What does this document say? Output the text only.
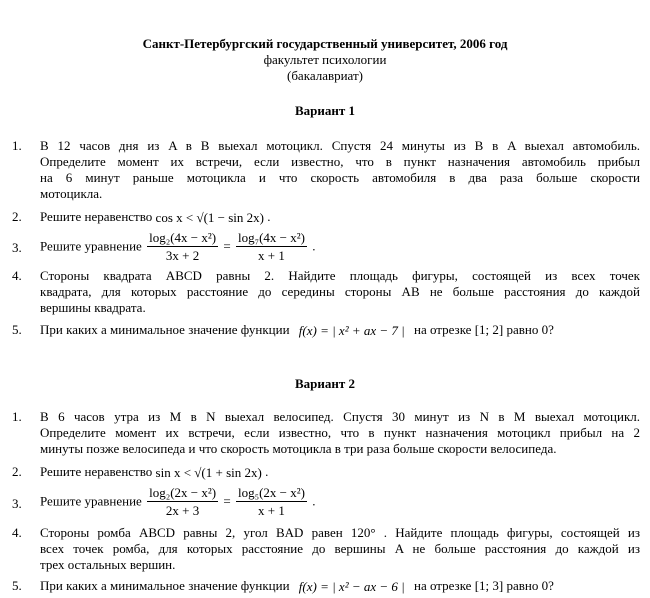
Санкт-Петербургский государственный университет, 2006 год
факультет психологии
(бакалавриат)
Вариант 1
1. В 12 часов дня из A в B выехал мотоцикл. Спустя 24 минуты из B в A выехал автомобиль.
Определите момент их встречи, если известно, что в пункт назначения автомобиль прибыл
на 6 минут раньше мотоцикла и что скорость автомобиля в два раза больше скорости
мотоцикла.
2. Решите неравенство cos x < √(1 − sin 2x) .
3. Решите уравнение $\frac{\text{log₂(4x − x²)}}{3x + 2} = \frac{\text{log₇(4x − x²)}}{x + 1}$ .
4. Стороны квадрата ABCD равны 2. Найдите площадь фигуры, состоящей из всех точек
квадрата, для которых расстояние до середины стороны AB не больше расстояния до каждой
вершины квадрата.
5. При каких a минимальное значение функции f(x) = | x² + ax − 7 | на отрезке [1; 2] равно 0?
Вариант 2
1. В 6 часов утра из M в N выехал велосипед. Спустя 30 минут из N в M выехал мотоцикл.
Определите момент их встречи, если известно, что в пункт назначения мотоцикл прибыл на 2
минуты позже велосипеда и что скорость мотоцикла в три раза больше скорости велосипеда.
2. Решите неравенство sin x < √(1 + sin 2x) .
3. Решите уравнение $\frac{\text{log₂(2x − x²)}}{2x + 3} = \frac{\text{log₅(2x − x²)}}{x + 1}$ .
4. Стороны ромба ABCD равны 2, угол BAD равен 120° . Найдите площадь фигуры, состоящей из
всех точек ромба, для которых расстояние до вершины A не больше расстояния до каждой из
трех остальных вершин.
5. При каких a минимальное значение функции f(x) = | x² − ax − 6 | на отрезке [1; 3] равно 0?
